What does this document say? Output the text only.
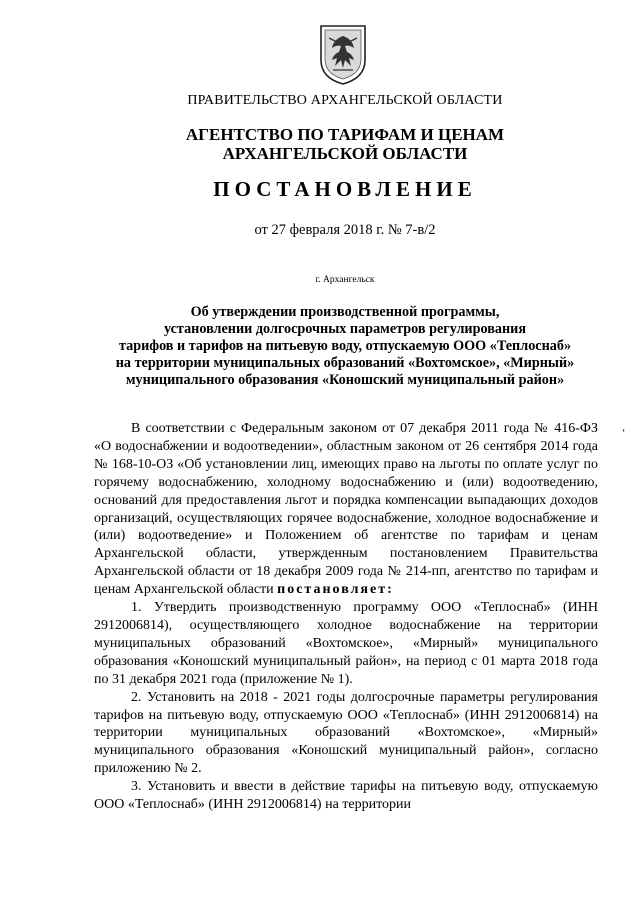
ПРАВИТЕЛЬСТВО АРХАНГЕЛЬСКОЙ ОБЛАСТИ
АГЕНТСТВО ПО ТАРИФАМ И ЦЕНАМ
АРХАНГЕЛЬСКОЙ ОБЛАСТИ
ПОСТАНОВЛЕНИЕ
от 27 февраля 2018 г. № 7-в/2
г. Архангельск
Об утверждении производственной программы,
установлении долгосрочных параметров регулирования
тарифов и тарифов на питьевую воду, отпускаемую ООО «Теплоснаб»
на территории муниципальных образований «Вохтомское», «Мирный»
муниципального образования «Коношский муниципальный район»

В соответствии с Федеральным законом от 07 декабря 2011 года № 416-ФЗ «О водоснабжении и водоотведении», областным законом от 26 сентября 2014 года № 168-10-ОЗ «Об установлении лиц, имеющих право на льготы по оплате услуг по горячему водоснабжению, холодному водоснабжению и (или) водоотведению, оснований для предоставления льгот и порядка компенсации выпадающих доходов организаций, осуществляющих горячее водоснабжение, холодное водоснабжение и (или) водоотведение» и Положением об агентстве по тарифам и ценам Архангельской области, утвержденным постановлением Правительства Архангельской области от 18 декабря 2009 года № 214-пп, агентство по тарифам и ценам Архангельской области постановляет:

1. Утвердить производственную программу ООО «Теплоснаб» (ИНН 2912006814), осуществляющего холодное водоснабжение на территории муниципальных образований «Вохтомское», «Мирный» муниципального образования «Коношский муниципальный район», на период с 01 марта 2018 года по 31 декабря 2021 года (приложение № 1).

2. Установить на 2018 - 2021 годы долгосрочные параметры регулирования тарифов на питьевую воду, отпускаемую ООО «Теплоснаб» (ИНН 2912006814) на территории муниципальных образований «Вохтомское», «Мирный» муниципального образования «Коношский муниципальный район», согласно приложению № 2.

3. Установить и ввести в действие тарифы на питьевую воду, отпускаемую ООО «Теплоснаб» (ИНН 2912006814) на территории

ʻ
